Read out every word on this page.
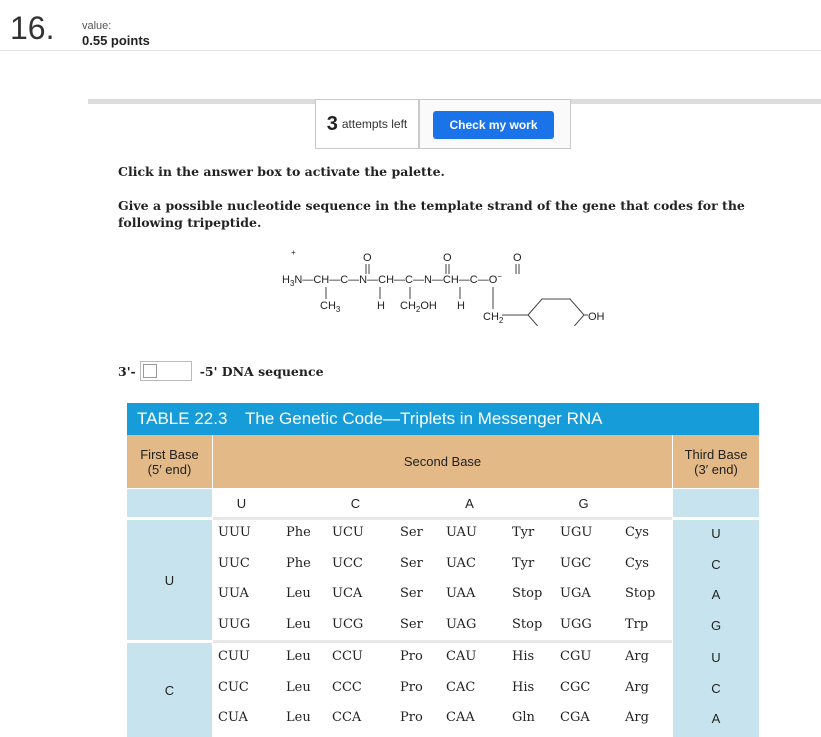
16.	value:
0.55 points
3 attempts left	Check my work
Click in the answer box to activate the palette.
Give a possible nucleotide sequence in the template strand of the gene that codes for the following tripeptide.
+
$H_3N—CH—C—N—CH—C—N—CH—C—O^-$
O	O	O
$CH_3$	H $CH_2OH$ H
$CH_2$	OH
3'-	-5' DNA sequence
TABLE 22.3	The Genetic Code—Triplets in Messenger RNA
First Base
(5′ end)	Second Base	Third Base
(3′ end)
U	C	A	G
U
C
UUU	Phe UCU	Ser UAU	Tyr UGU	Cys	U
UUC	Phe UCC	Ser UAC	Tyr UGC	Cys	C
UUA	Leu UCA	Ser UAA	Stop UGA	Stop	A
UUG	Leu UCG	Ser UAG	Stop UGG	Trp	G
CUU	Leu CCU	Pro CAU	His CGU	Arg	U
CUC	Leu CCC	Pro CAC	His CGC	Arg	C
CUA	Leu CCA	Pro CAA	Gln CGA	Arg	A
